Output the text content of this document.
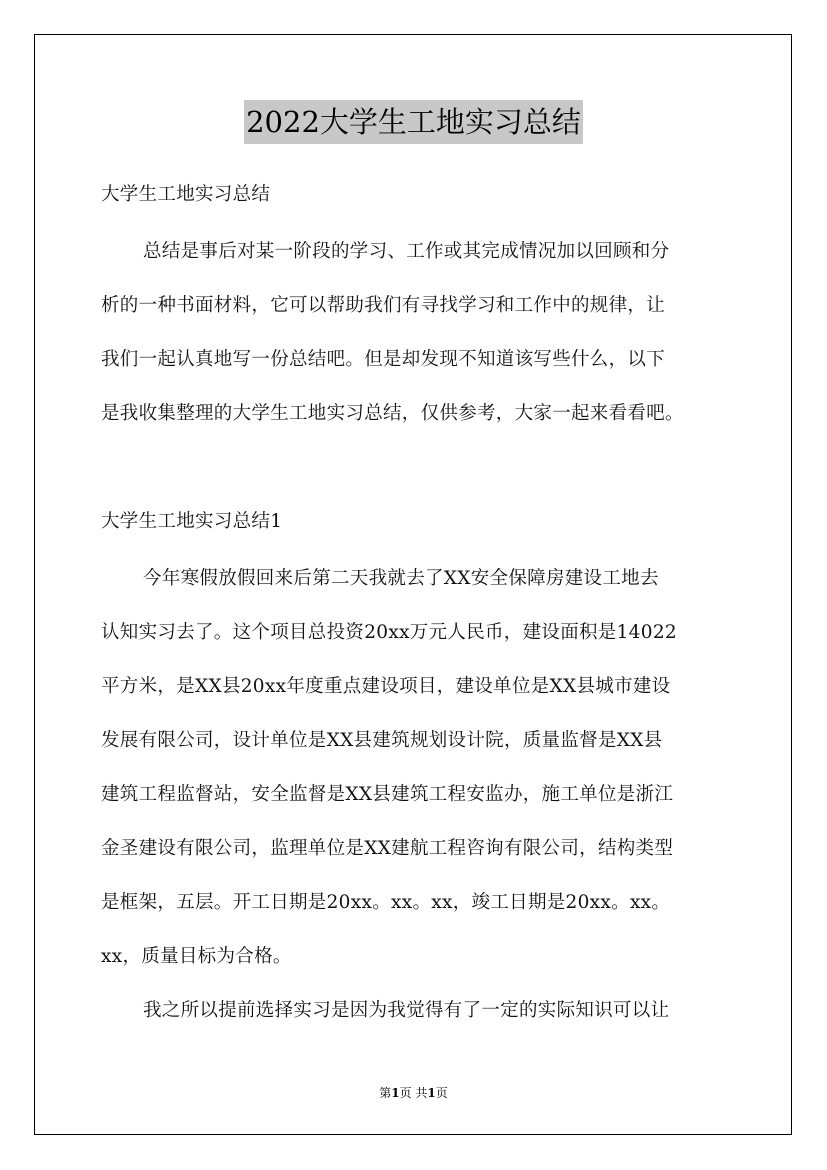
2022大学生工地实习总结
大学生工地实习总结
总结是事后对某一阶段的学习、工作或其完成情况加以回顾和分
析的一种书面材料，它可以帮助我们有寻找学习和工作中的规律，让
我们一起认真地写一份总结吧。但是却发现不知道该写些什么，以下
是我收集整理的大学生工地实习总结，仅供参考，大家一起来看看吧。
大学生工地实习总结1
今年寒假放假回来后第二天我就去了XX安全保障房建设工地去
认知实习去了。这个项目总投资20xx万元人民币，建设面积是14022
平方米，是XX县20xx年度重点建设项目，建设单位是XX县城市建设
发展有限公司，设计单位是XX县建筑规划设计院，质量监督是XX县
建筑工程监督站，安全监督是XX县建筑工程安监办，施工单位是浙江
金圣建设有限公司，监理单位是XX建航工程咨询有限公司，结构类型
是框架，五层。开工日期是20xx。xx。xx，竣工日期是20xx。xx。
xx，质量目标为合格。
我之所以提前选择实习是因为我觉得有了一定的实际知识可以让
第1页 共1页
